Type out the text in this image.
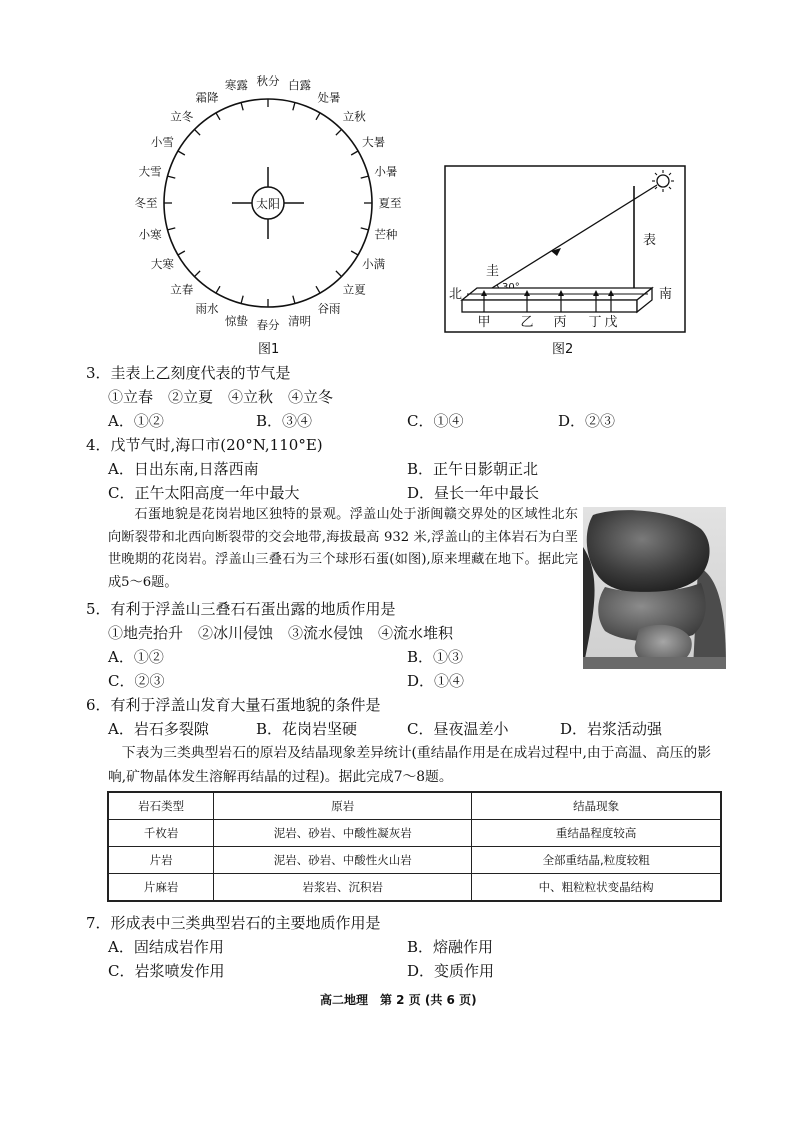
太阳
秋分 白露
处暑
立秋
大暑
小暑
夏至
芒种
小满
立夏
谷雨
清明
春分
惊蛰
雨水
立春
大寒
小寒
冬至
大雪
小雪
立冬
霜降
寒露
图1
表
圭
北	南
甲 乙 丙 丁 戊
图2
3．圭表上乙刻度代表的节气是
①立春　②立夏　④立秋　④立冬
A．①②	B．③④	C．①④	D．②③
4．戊节气时,海口市(20°N,110°E)
A．日出东南,日落西南	B．正午日影朝正北
C．正午太阳高度一年中最大	D．昼长一年中最长
石蛋地貌是花岗岩地区独特的景观。浮盖山处于浙闽赣交界处的区域性北东向断裂带和北西向断裂带的交会地带,海拔最高 932 米,浮盖山的主体岩石为白垩世晚期的花岗岩。浮盖山三叠石为三个球形石蛋(如图),原来埋藏在地下。据此完成5～6题。
5．有利于浮盖山三叠石石蛋出露的地质作用是
①地壳抬升　②冰川侵蚀　③流水侵蚀　④流水堆积
A．①②	B．①③
C．②③	D．①④
6．有利于浮盖山发育大量石蛋地貌的条件是
A．岩石多裂隙	B．花岗岩坚硬	C．昼夜温差小	D．岩浆活动强
下表为三类典型岩石的原岩及结晶现象差异统计(重结晶作用是在成岩过程中,由于高温、高压的影响,矿物晶体发生溶解再结晶的过程)。据此完成7～8题。
岩石类型	原岩	结晶现象
千枚岩	泥岩、砂岩、中酸性凝灰岩	重结晶程度较高
片岩	泥岩、砂岩、中酸性火山岩	全部重结晶,粒度较粗
片麻岩	岩浆岩、沉积岩	中、粗粒粒状变晶结构
7．形成表中三类典型岩石的主要地质作用是
A．固结成岩作用	B．熔融作用
C．岩浆喷发作用	D．变质作用
高二地理　第 2 页 (共 6 页)
